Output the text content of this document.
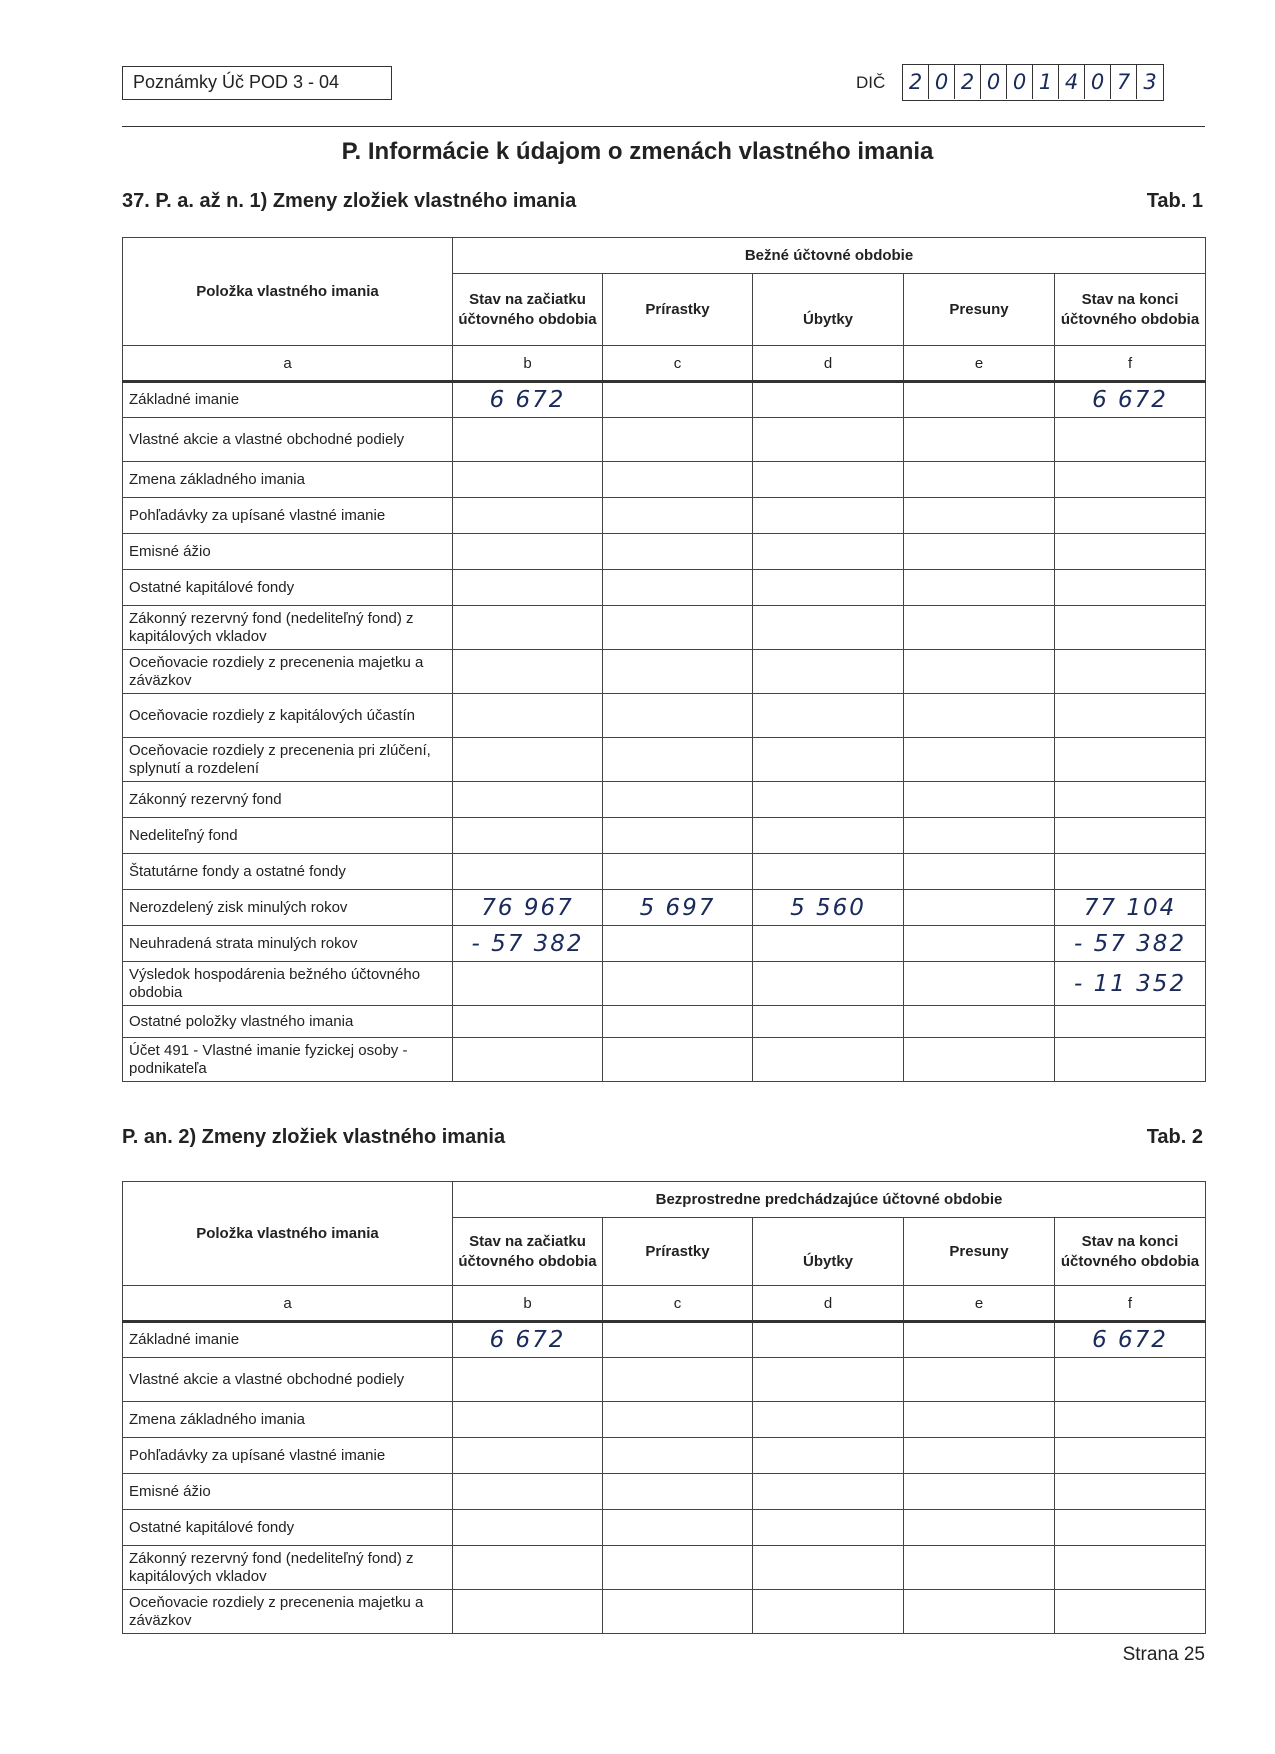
Poznámky Úč POD 3 - 04	DIČ 2 0 2 0 0 1 4 0 7 3
P. Informácie k údajom o zmenách vlastného imania
37. P. a. až n. 1) Zmeny zložiek vlastného imania	Tab. 1
Položka vlastného imania	Bežné účtovné obdobie				
	Stav na začiatku účtovného obdobia	Prírastky	Úbytky	Presuny	Stav na konci účtovného obdobia
a	b	c	d	e	f
Základné imanie	6 672				6 672
Vlastné akcie a vlastné obchodné podiely					
Zmena základného imania					
Pohľadávky za upísané vlastné imanie					
Emisné ážio					
Ostatné kapitálové fondy					
Zákonný rezervný fond (nedeliteľný fond) z kapitálových vkladov					
Oceňovacie rozdiely z precenenia majetku a záväzkov					
Oceňovacie rozdiely z kapitálových účastín					
Oceňovacie rozdiely z precenenia pri zlúčení, splynutí a rozdelení					
Zákonný rezervný fond					
Nedeliteľný fond					
Štatutárne fondy a ostatné fondy					
Nerozdelený zisk minulých rokov	76 967	5 697	5 560		77 104
Neuhradená strata minulých rokov	- 57 382				- 57 382
Výsledok hospodárenia bežného účtovného obdobia					- 11 352
Ostatné položky vlastného imania					
Účet 491 - Vlastné imanie fyzickej osoby - podnikateľa					
P. an. 2) Zmeny zložiek vlastného imania	Tab. 2
Položka vlastného imania	Bezprostredne predchádzajúce účtovné obdobie				
	Stav na začiatku účtovného obdobia	Prírastky	Úbytky	Presuny	Stav na konci účtovného obdobia
a	b	c	d	e	f
Základné imanie	6 672				6 672
Vlastné akcie a vlastné obchodné podiely					
Zmena základného imania					
Pohľadávky za upísané vlastné imanie					
Emisné ážio					
Ostatné kapitálové fondy					
Zákonný rezervný fond (nedeliteľný fond) z kapitálových vkladov					
Oceňovacie rozdiely z precenenia majetku a záväzkov					
Strana 25
